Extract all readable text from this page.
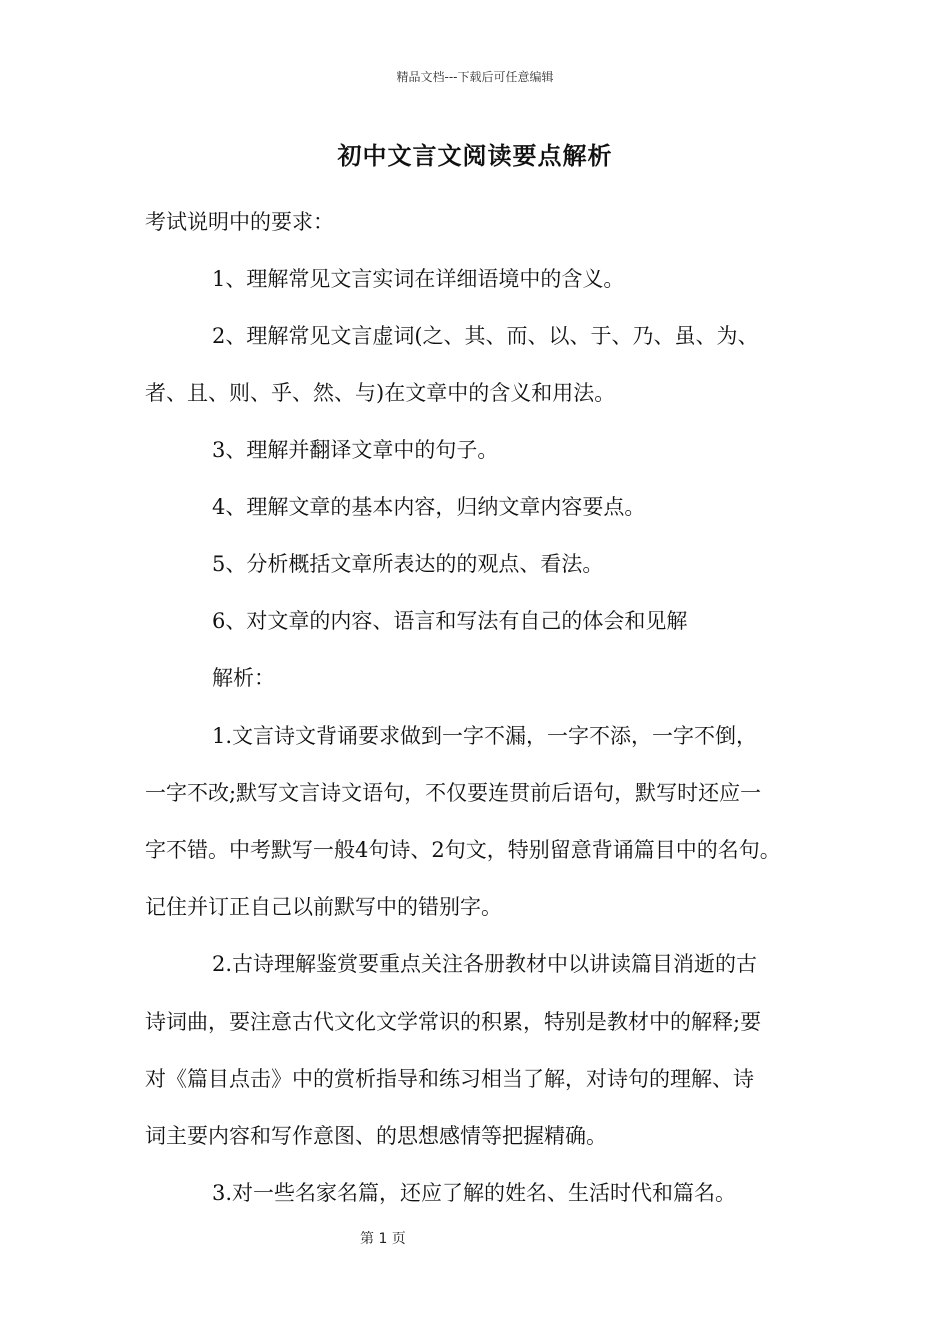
精品文档---下载后可任意编辑
初中文言文阅读要点解析
考试说明中的要求：
1、理解常见文言实词在详细语境中的含义。
2、理解常见文言虚词(之、其、而、以、于、乃、虽、为、
者、且、则、乎、然、与)在文章中的含义和用法。
3、理解并翻译文章中的句子。
4、理解文章的基本内容，归纳文章内容要点。
5、分析概括文章所表达的的观点、看法。
6、对文章的内容、语言和写法有自己的体会和见解
解析：
1.文言诗文背诵要求做到一字不漏，一字不添，一字不倒，
一字不改;默写文言诗文语句，不仅要连贯前后语句，默写时还应一
字不错。中考默写一般4句诗、2句文，特别留意背诵篇目中的名句。
记住并订正自己以前默写中的错别字。
2.古诗理解鉴赏要重点关注各册教材中以讲读篇目消逝的古
诗词曲，要注意古代文化文学常识的积累，特别是教材中的解释;要
对《篇目点击》中的赏析指导和练习相当了解，对诗句的理解、诗
词主要内容和写作意图、的思想感情等把握精确。
3.对一些名家名篇，还应了解的姓名、生活时代和篇名。
第 1 页
